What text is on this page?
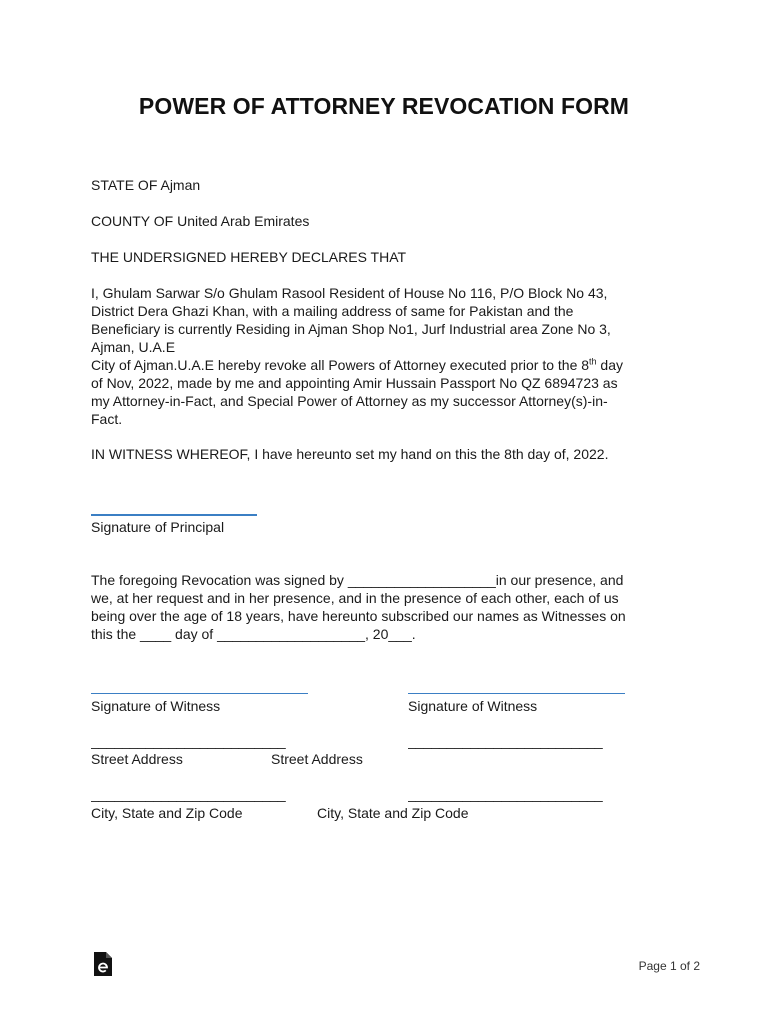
POWER OF ATTORNEY REVOCATION FORM
STATE OF Ajman
COUNTY OF United Arab Emirates
THE UNDERSIGNED HEREBY DECLARES THAT
I, Ghulam Sarwar S/o Ghulam Rasool Resident of House No 116, P/O Block No 43,
District Dera Ghazi Khan, with a mailing address of same for Pakistan and the
Beneficiary is currently Residing in Ajman Shop No1, Jurf Industrial area Zone No 3,
Ajman, U.A.E
City of Ajman.U.A.E hereby revoke all Powers of Attorney executed prior to the 8th day
of Nov, 2022, made by me and appointing Amir Hussain Passport No QZ 6894723 as
my Attorney-in-Fact, and Special Power of Attorney as my successor Attorney(s)-in-
Fact.
IN WITNESS WHEREOF, I have hereunto set my hand on this the 8th day of, 2022.
Signature of Principal
The foregoing Revocation was signed by ___________________in our presence, and
we, at her request and in her presence, and in the presence of each other, each of us
being over the age of 18 years, have hereunto subscribed our names as Witnesses on
this the ____ day of ___________________, 20___.
Signature of Witness	Signature of Witness
_________________________	_________________________
Street Address	Street Address
_________________________	_________________________
City, State and Zip Code	City, State and Zip Code
Page 1 of 2
